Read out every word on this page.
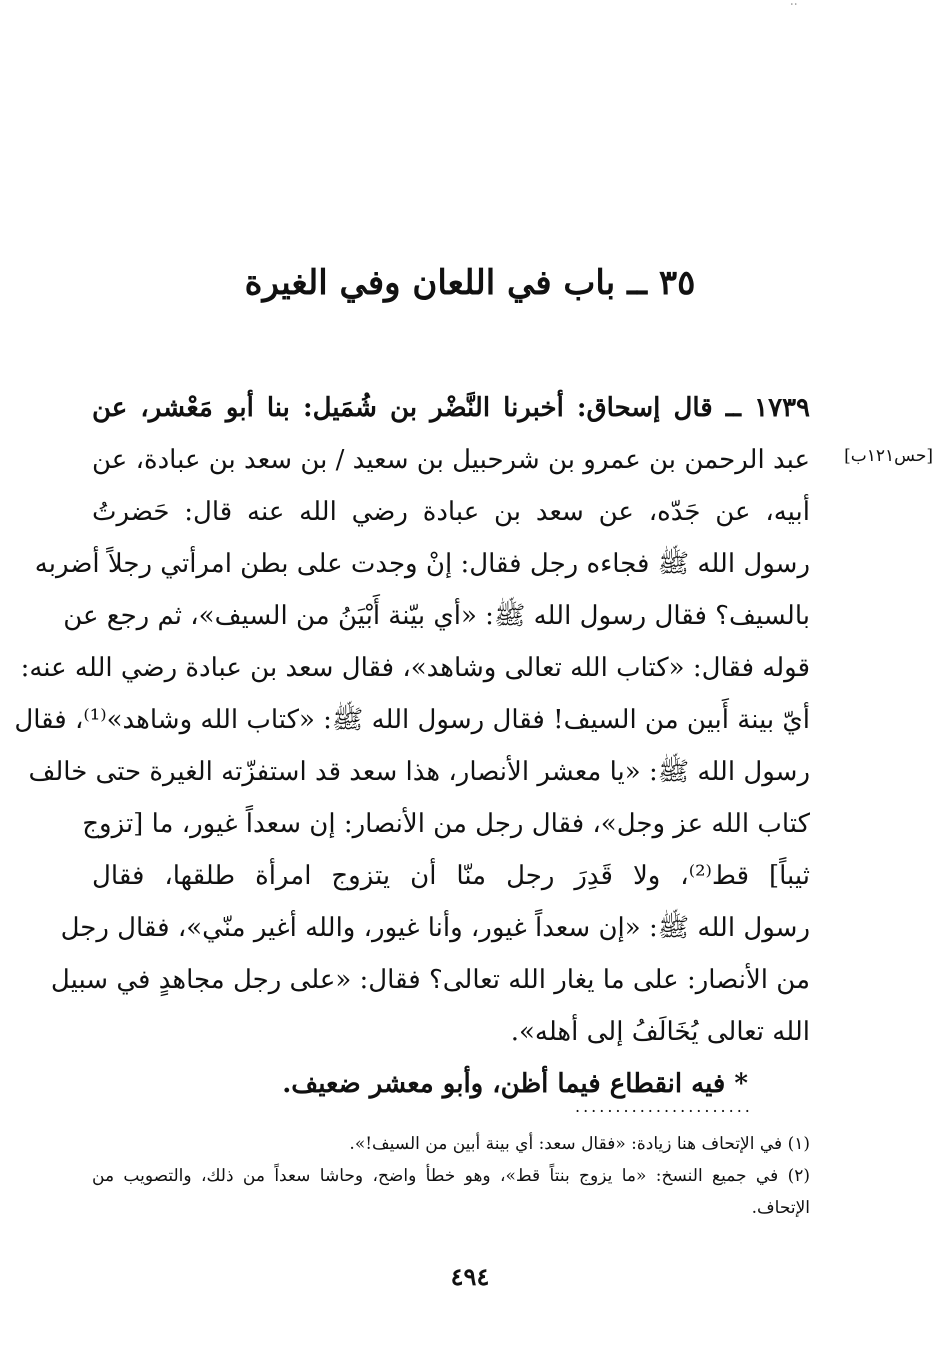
:
٣٥ ــ باب في اللعان وفي الغيرة
[حس١٢١ب]
١٧٣٩ ــ قال إسحاق: أخبرنا النَّضْر بن شُمَيل: بنا أبو مَعْشر، عن
عبد الرحمن بن عمرو بن شرحبيل بن سعيد / بن سعد بن عبادة، عن
أبيه، عن جَدّه، عن سعد بن عبادة رضي الله عنه قال: حَضرتُ
رسول الله ﷺ فجاءه رجل فقال: إنْ وجدت على بطن امرأتي رجلاً أضربه
بالسيف؟ فقال رسول الله ﷺ: «أي بيّنة أَبْيَنُ من السيف»، ثم رجع عن
قوله فقال: «كتاب الله تعالى وشاهد»، فقال سعد بن عبادة رضي الله عنه:
أيّ بينة أَبين من السيف! فقال رسول الله ﷺ: «كتاب الله وشاهد»⁽¹⁾، فقال
رسول الله ﷺ: «يا معشر الأنصار، هذا سعد قد استفزّته الغيرة حتى خالف
كتاب الله عز وجل»، فقال رجل من الأنصار: إن سعداً غيور، ما [تزوج
ثيباً] قط⁽²⁾، ولا قَدِرَ رجل منّا أن يتزوج امرأة طلقها، فقال
رسول الله ﷺ: «إن سعداً غيور، وأنا غيور، والله أغير منّي»، فقال رجل
من الأنصار: على ما يغار الله تعالى؟ فقال: «على رجل مجاهدٍ في سبيل
الله تعالى يُخَالَفُ إلى أهله».
* فيه انقطاع فيما أظن، وأبو معشر ضعيف.
......................
(١) في الإتحاف هنا زيادة: «فقال سعد: أي بينة أبين من السيف!».
(٢) في جميع النسخ: «ما يزوج بنتاً قط»، وهو خطأ واضح، وحاشا سعداً من ذلك، والتصويب من الإتحاف.
٤٩٤
